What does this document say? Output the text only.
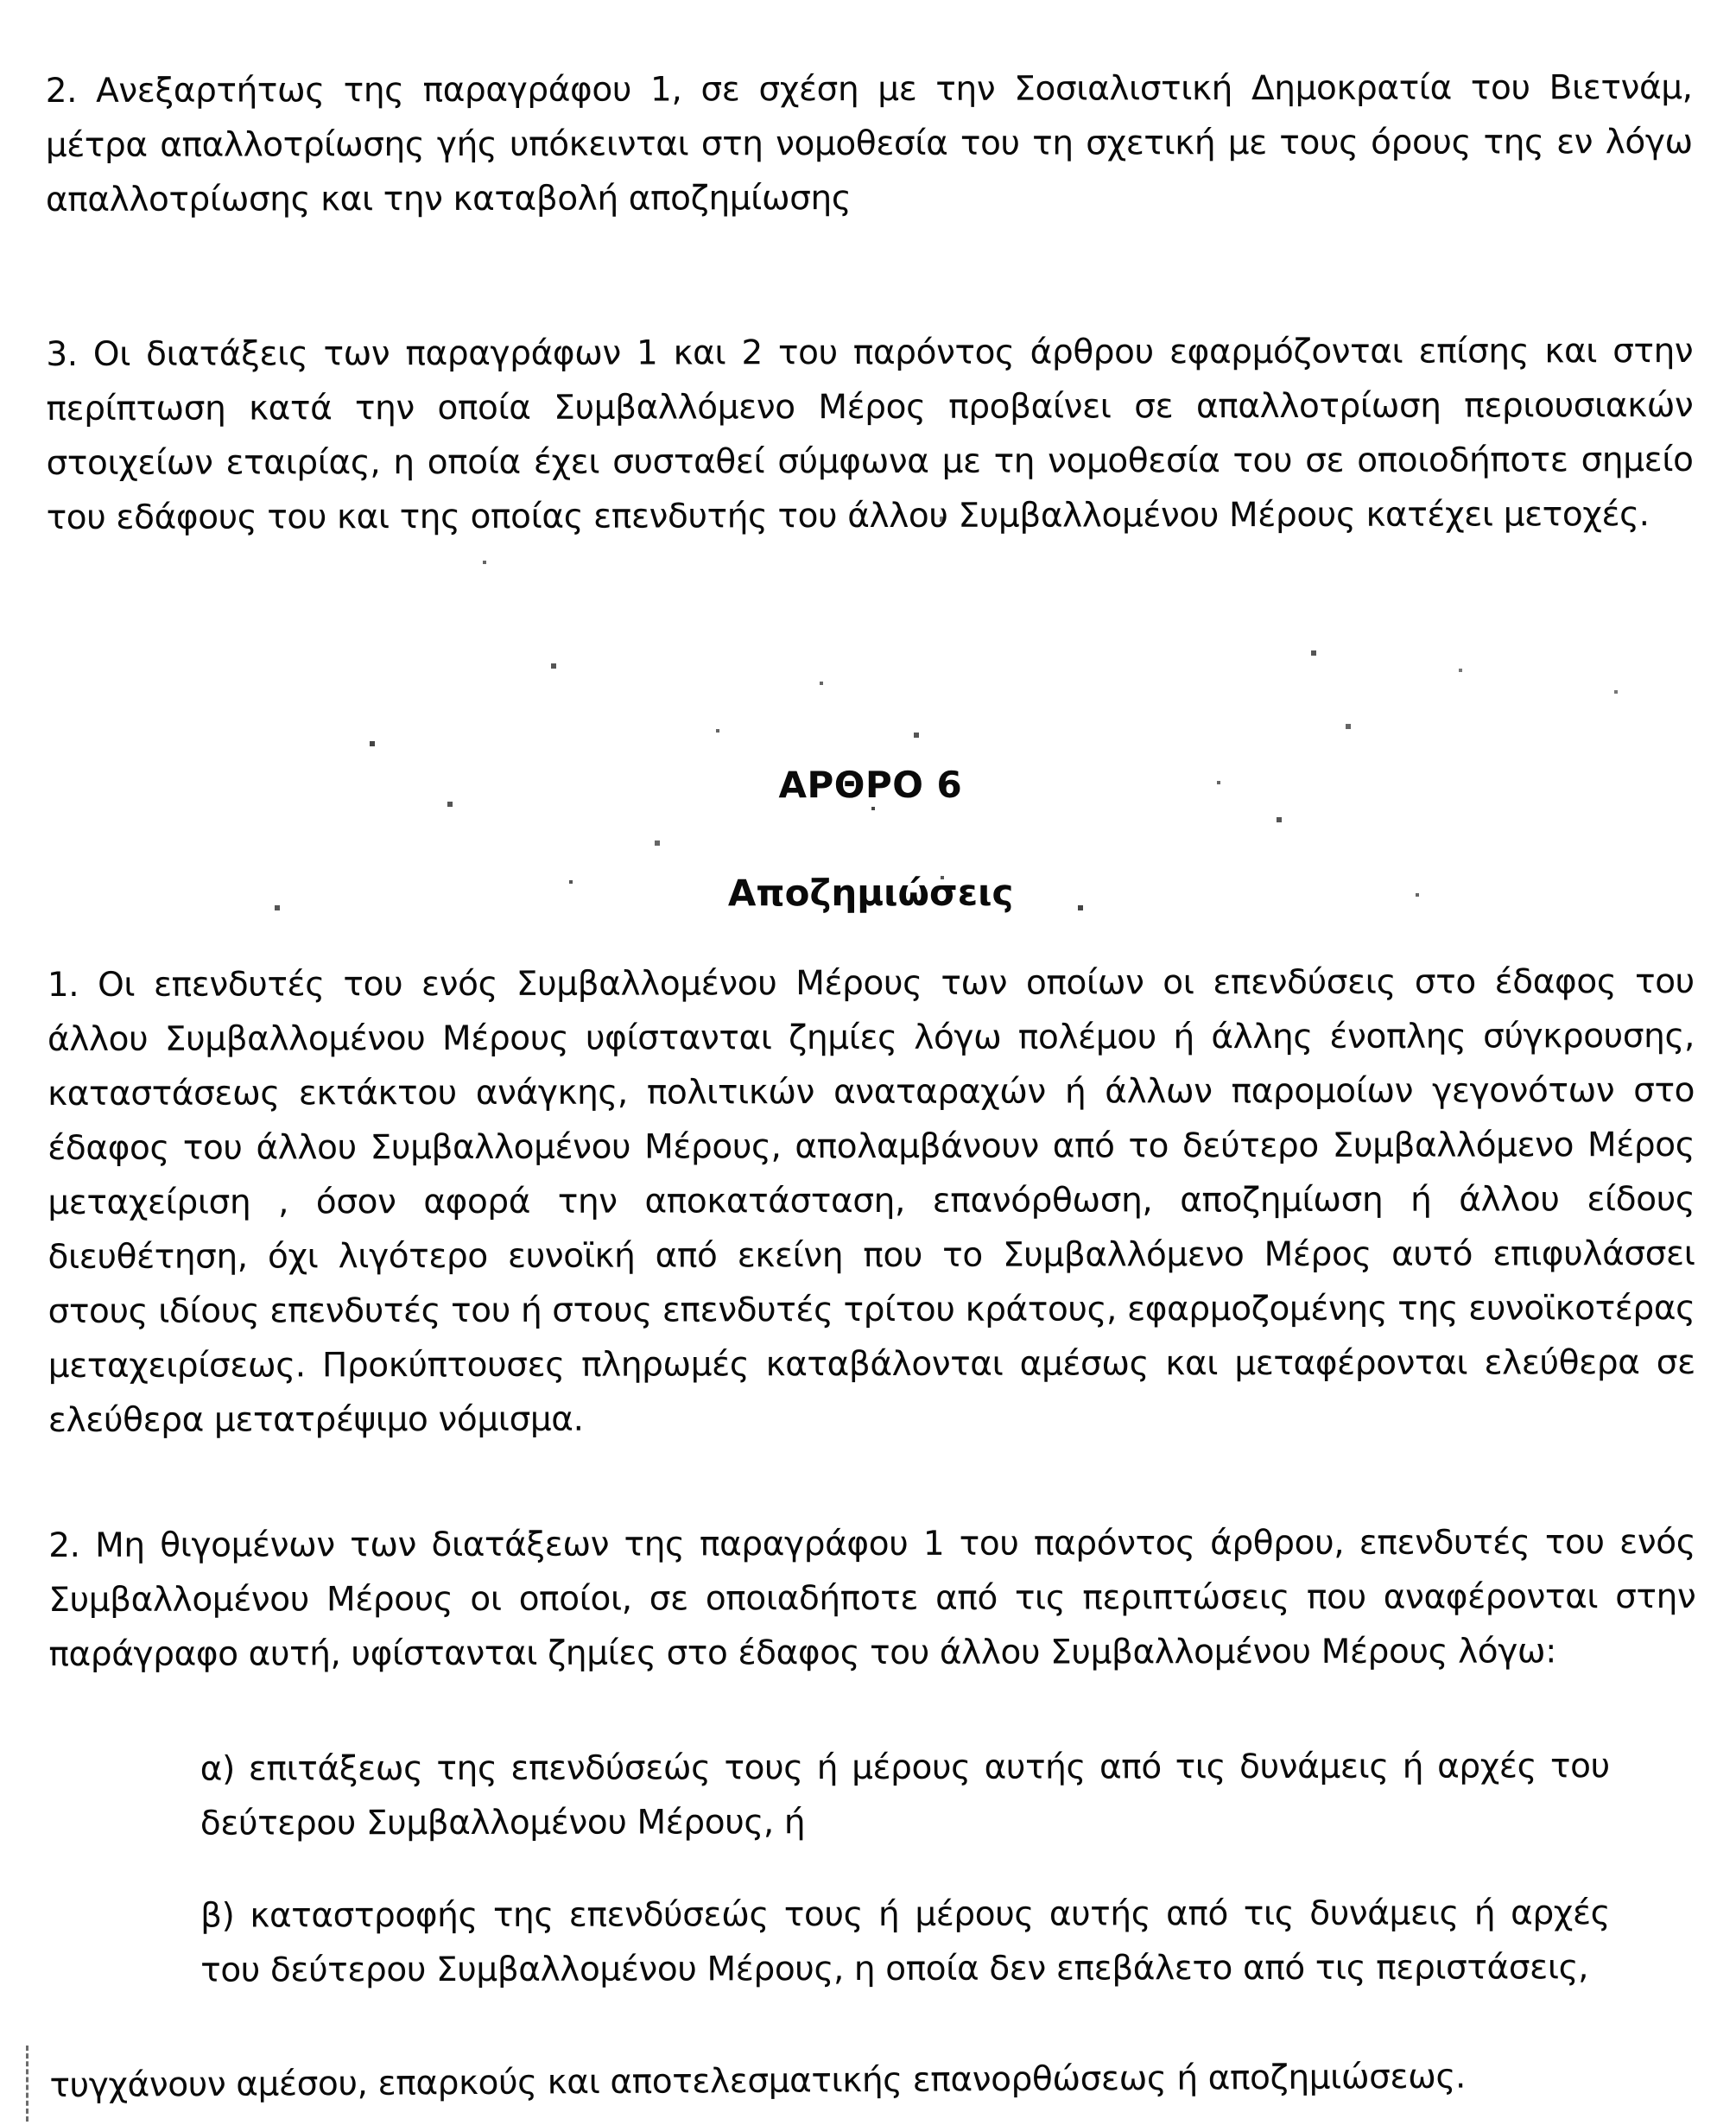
2. Ανεξαρτήτως της παραγράφου 1, σε σχέση με την Σοσιαλιστική Δημοκρατία του Βιετνάμ, μέτρα απαλλοτρίωσης γής υπόκεινται στη νομοθεσία του τη σχετική με τους όρους της εν λόγω απαλλοτρίωσης και την καταβολή αποζημίωσης

3. Οι διατάξεις των παραγράφων 1 και 2 του παρόντος άρθρου εφαρμόζονται επίσης και στην περίπτωση κατά την οποία Συμβαλλόμενο Μέρος προβαίνει σε απαλλοτρίωση περιουσιακών στοιχείων εταιρίας, η οποία έχει συσταθεί σύμφωνα με τη νομοθεσία του σε οποιοδήποτε σημείο του εδάφους του και της οποίας επενδυτής του άλλου Συμβαλλομένου Μέρους κατέχει μετοχές.

ΑΡΘΡΟ 6
Αποζημιώσεις

1. Οι επενδυτές του ενός Συμβαλλομένου Μέρους των οποίων οι επενδύσεις στο έδαφος του άλλου Συμβαλλομένου Μέρους υφίστανται ζημίες λόγω πολέμου ή άλλης ένοπλης σύγκρουσης, καταστάσεως εκτάκτου ανάγκης, πολιτικών αναταραχών ή άλλων παρομοίων γεγονότων στο έδαφος του άλλου Συμβαλλομένου Μέρους, απολαμβάνουν από το δεύτερο Συμβαλλόμενο Μέρος μεταχείριση , όσον αφορά την αποκατάσταση, επανόρθωση, αποζημίωση ή άλλου είδους διευθέτηση, όχι λιγότερο ευνοϊκή από εκείνη που το Συμβαλλόμενο Μέρος αυτό επιφυλάσσει στους ιδίους επενδυτές του ή στους επενδυτές τρίτου κράτους, εφαρμοζομένης της ευνοϊκοτέρας μεταχειρίσεως. Προκύπτουσες πληρωμές καταβάλονται αμέσως και μεταφέρονται ελεύθερα σε ελεύθερα μετατρέψιμο νόμισμα.

2. Μη θιγομένων των διατάξεων της παραγράφου 1 του παρόντος άρθρου, επενδυτές του ενός Συμβαλλομένου Μέρους οι οποίοι, σε οποιαδήποτε από τις περιπτώσεις που αναφέρονται στην παράγραφο αυτή, υφίστανται ζημίες στο έδαφος του άλλου Συμβαλλομένου Μέρους λόγω:

α) επιτάξεως της επενδύσεώς τους ή μέρους αυτής από τις δυνάμεις ή αρχές του δεύτερου Συμβαλλομένου Μέρους, ή

β) καταστροφής της επενδύσεώς τους ή μέρους αυτής από τις δυνάμεις ή αρχές του δεύτερου Συμβαλλομένου Μέρους, η οποία δεν επεβάλετο από τις περιστάσεις,

τυγχάνουν αμέσου, επαρκούς και αποτελεσματικής επανορθώσεως ή αποζημιώσεως.
